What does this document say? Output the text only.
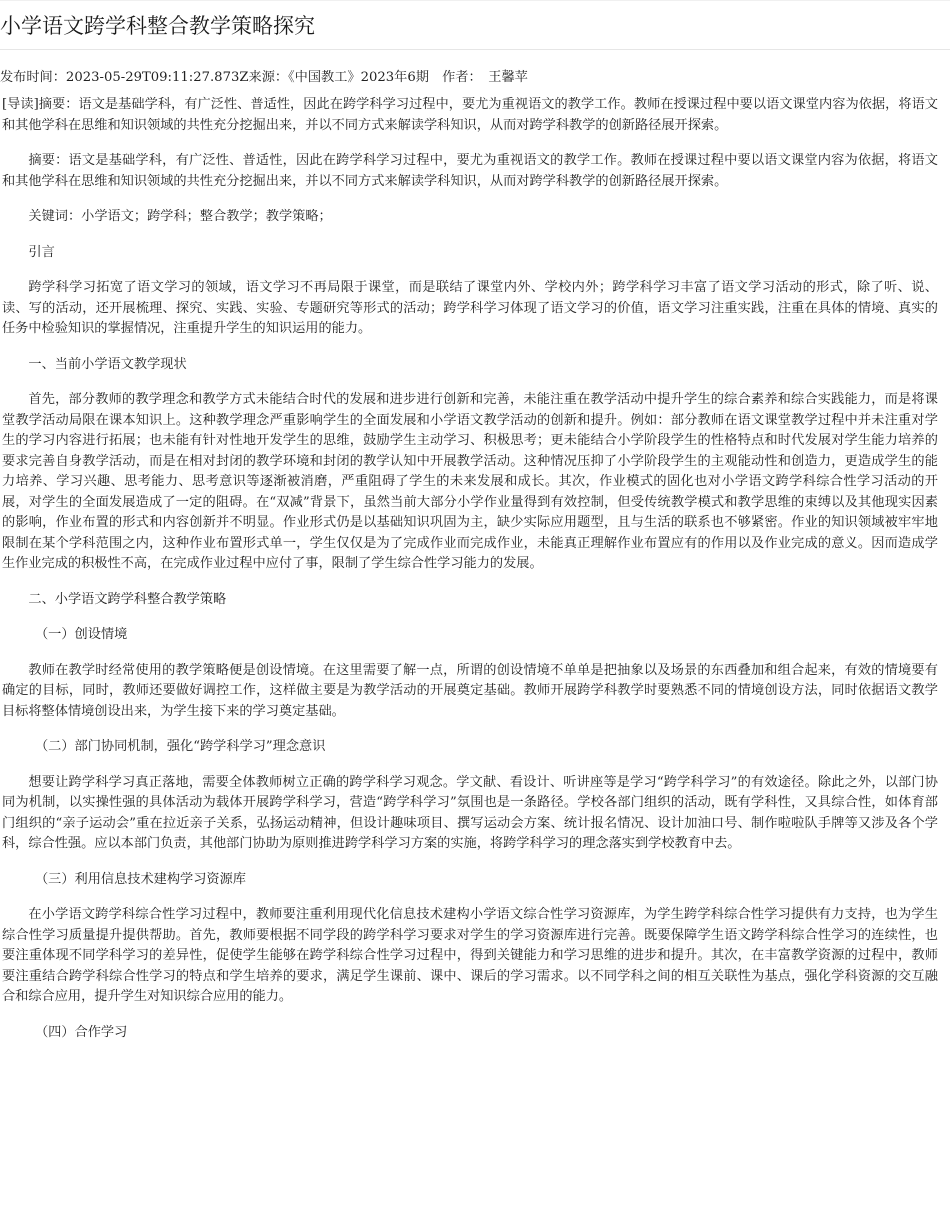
小学语文跨学科整合教学策略探究
发布时间：2023-05-29T09:11:27.873Z来源：《中国教工》2023年6期　作者：　王馨苹

[导读]摘要：语文是基础学科，有广泛性、普适性，因此在跨学科学习过程中，要尤为重视语文的教学工作。教师在授课过程中要以语文课堂内容为依据，将语文和其他学科在思维和知识领域的共性充分挖掘出来，并以不同方式来解读学科知识，从而对跨学科教学的创新路径展开探索。

摘要：语文是基础学科，有广泛性、普适性，因此在跨学科学习过程中，要尤为重视语文的教学工作。教师在授课过程中要以语文课堂内容为依据，将语文和其他学科在思维和知识领域的共性充分挖掘出来，并以不同方式来解读学科知识，从而对跨学科教学的创新路径展开探索。

关键词：小学语文；跨学科；整合教学；教学策略；

引言

跨学科学习拓宽了语文学习的领域，语文学习不再局限于课堂，而是联结了课堂内外、学校内外；跨学科学习丰富了语文学习活动的形式，除了听、说、读、写的活动，还开展梳理、探究、实践、实验、专题研究等形式的活动；跨学科学习体现了语文学习的价值，语文学习注重实践，注重在具体的情境、真实的任务中检验知识的掌握情况，注重提升学生的知识运用的能力。

一、当前小学语文教学现状

首先，部分教师的教学理念和教学方式未能结合时代的发展和进步进行创新和完善，未能注重在教学活动中提升学生的综合素养和综合实践能力，而是将课堂教学活动局限在课本知识上。这种教学理念严重影响学生的全面发展和小学语文教学活动的创新和提升。例如：部分教师在语文课堂教学过程中并未注重对学生的学习内容进行拓展；也未能有针对性地开发学生的思维，鼓励学生主动学习、积极思考；更未能结合小学阶段学生的性格特点和时代发展对学生能力培养的要求完善自身教学活动，而是在相对封闭的教学环境和封闭的教学认知中开展教学活动。这种情况压抑了小学阶段学生的主观能动性和创造力，更造成学生的能力培养、学习兴趣、思考能力、思考意识等逐渐被消磨，严重阻碍了学生的未来发展和成长。其次，作业模式的固化也对小学语文跨学科综合性学习活动的开展，对学生的全面发展造成了一定的阻碍。在“双减”背景下，虽然当前大部分小学作业量得到有效控制，但受传统教学模式和教学思维的束缚以及其他现实因素的影响，作业布置的形式和内容创新并不明显。作业形式仍是以基础知识巩固为主，缺少实际应用题型，且与生活的联系也不够紧密。作业的知识领域被牢牢地限制在某个学科范围之内，这种作业布置形式单一，学生仅仅是为了完成作业而完成作业，未能真正理解作业布置应有的作用以及作业完成的意义。因而造成学生作业完成的积极性不高，在完成作业过程中应付了事，限制了学生综合性学习能力的发展。

二、小学语文跨学科整合教学策略

（一）创设情境

教师在教学时经常使用的教学策略便是创设情境。在这里需要了解一点，所谓的创设情境不单单是把抽象以及场景的东西叠加和组合起来，有效的情境要有确定的目标，同时，教师还要做好调控工作，这样做主要是为教学活动的开展奠定基础。教师开展跨学科教学时要熟悉不同的情境创设方法，同时依据语文教学目标将整体情境创设出来，为学生接下来的学习奠定基础。

（二）部门协同机制，强化“跨学科学习”理念意识

想要让跨学科学习真正落地，需要全体教师树立正确的跨学科学习观念。学文献、看设计、听讲座等是学习“跨学科学习”的有效途径。除此之外，以部门协同为机制，以实操性强的具体活动为载体开展跨学科学习，营造“跨学科学习”氛围也是一条路径。学校各部门组织的活动，既有学科性，又具综合性，如体育部门组织的“亲子运动会”重在拉近亲子关系，弘扬运动精神，但设计趣味项目、撰写运动会方案、统计报名情况、设计加油口号、制作啦啦队手牌等又涉及各个学科，综合性强。应以本部门负责，其他部门协助为原则推进跨学科学习方案的实施，将跨学科学习的理念落实到学校教育中去。

（三）利用信息技术建构学习资源库

在小学语文跨学科综合性学习过程中，教师要注重利用现代化信息技术建构小学语文综合性学习资源库，为学生跨学科综合性学习提供有力支持，也为学生综合性学习质量提升提供帮助。首先，教师要根据不同学段的跨学科学习要求对学生的学习资源库进行完善。既要保障学生语文跨学科综合性学习的连续性，也要注重体现不同学科学习的差异性，促使学生能够在跨学科综合性学习过程中，得到关键能力和学习思维的进步和提升。其次，在丰富教学资源的过程中，教师要注重结合跨学科综合性学习的特点和学生培养的要求，满足学生课前、课中、课后的学习需求。以不同学科之间的相互关联性为基点，强化学科资源的交互融合和综合应用，提升学生对知识综合应用的能力。

（四）合作学习
